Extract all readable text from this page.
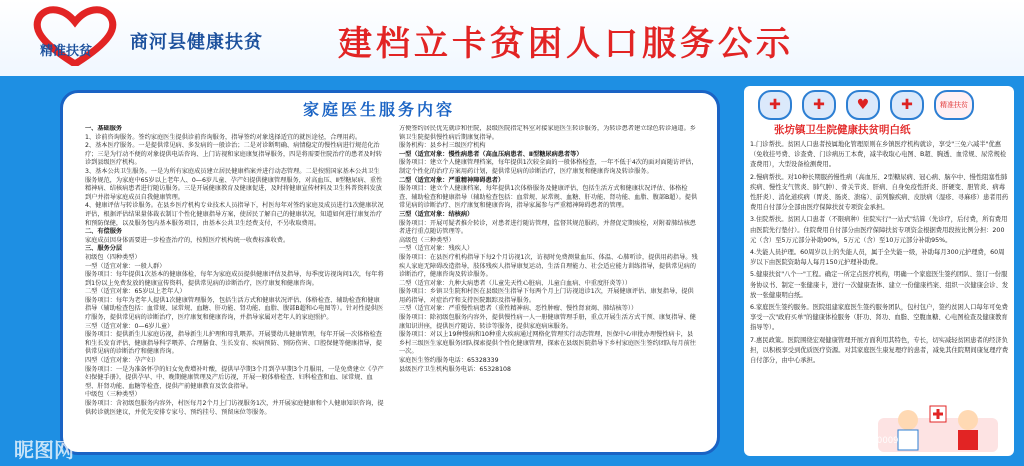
精准扶贫 商河县健康扶贫 建档立卡贫困人口服务公示
家庭医生服务内容

一、基础服务

1、诊前咨询服务。签约家庭医生提供诊前咨询服务，指导签约对象选择适宜的就医途径，合理用药。

2、基本医疗服务。一是提供常见病、多发病的一般诊治；二是对诊断明确、病情稳定的慢性病进行规范化治疗；三是为行动不便的对象提供电话咨询、上门访视和家庭康复指导服务，四是将需要住院治疗的患者及时转诊到县级医疗机构。

3、基本公共卫生服务。一是为所有家庭成员建立居民健康档案并进行动态管理。二是按照国家基本公共卫生服务规范，为家庭中65岁以上老年人、0—6岁儿童、孕产妇提供健康管理服务，对高血压、Ⅱ型糖尿病、重性精神病、结核病患者进行随访服务。三是开展健康教育及健康促进，及时将健康宣传材料及卫生科普资料发放到户并指导家庭成员自我健康管理。

4、健康评估与转诊服务。在县乡医疗机构专业技术人员指导下，村医每年对签约家庭及成员进行1次健康状况评估，根据评估结果量体裁衣制订个性化健康指导方案，使居民了解自己的健康状况，知道如何进行康复治疗和预防保健，以及服务包内基本服务项目，由基本公共卫生经费支付，不另收取费用。

二、有偿服务

家庭成员因身体需要进一步检查治疗的，按照医疗机构统一收费标准收费。

三、服务分层

初级包（四种类型）

一型（适宜对象：一般人群）

服务项目：每年提供1次基本的健康体检，每年为家庭成员提供健康评估及指导，每季度访视询问1次，每年将到1份以上免费发放的健康宣传资料，提供常见病的诊断治疗，医疗康复和健康咨询。

二型（适宜对象：65岁以上老年人）

服务项目：每年为老年人提供1次健康管理服务，包括生活方式和健康状况评估、体格检查、辅助检查和健康指导（辅助检查包括：血常规、尿常规、血糖、肝功能、肾功能、血脂、腹部B超和心电图等）。针对性提供医疗服务，提供常见病的诊断治疗，医疗康复和健康咨询，并指导家属对老年人的家庭照护。

三型（适宜对象：0—6岁儿童）

服务项目：提供新生儿家庭访视，指导新生儿护理和母乳喂养。开展婴幼儿健康管理，每年开展一次体格检查和生长发育评估，健康指导科学喂养、合理膳食、生长发育、疾病预防、预防伤害、口腔保健等健康指导，提供常见病的诊断治疗和健康咨询。

四型（适宜对象：孕产妇）

服务项目：一是为准备怀孕的妇女免费增补叶酸，提供早孕期3个月到孕早期3个月服用，一是免费建立《孕产妇保健手册》，提供孕早、中、晚期健康管理及产后访视，开展一般体格检查、妇科检查和血、尿常规、血型、肝肾功能、血糖等检查，提供产前健康教育及饮食指导。

中级包（三种类型）

服务项目：含初级包服务内容外，村医每月2个月上门访视服务1次，并开展家庭健康和个人健康知识咨询，提供转诊就医建议，并优先安排专家号、预约挂号、预留床位等服务。

方便签约居民优先就诊和住院，县级医院指定科室对接家庭医生转诊服务，为转诊患者建立绿色转诊通道。乡镇卫生院提供慢性病后期康复指导。

服务机构：县乡村三级医疗机构

一型（适宜对象：慢性病患者（高血压病患者、Ⅱ型糖尿病患者等）

服务项目：建立个人健康管理档案，每年提供1次较全面的一般体格检查，一年不低于4次的面对面随访评估，制定个性化的治疗方案用药计划，提供常见病的诊断治疗，医疗康复和健康咨询及转诊服务。

二型（适宜对象：严重精神障碍患者）

服务项目：建立个人健康档案，每年提供1次体格服务及健康评估，包括生活方式和健康状况评估、体格检查、辅助检查和健康指导（辅助检查包括：血常规、尿常规、血糖、肝功能、肾功能、血脂、腹部B超）。提供常见病的诊断治疗、医疗康复和健康咨询，指导家属参与严重精神障碍患者的管理。

三型（适宜对象：结核病）

服务项目：开展可疑者推介转诊，对患者进行随访管理，监督其规范服药，并督促定期痰检，对附着肺结核患者进行重点随访管理等。

高级包（三种类型）

一型（适宜对象：残疾人）

服务项目：在县医疗机构指导下每2个月访视1次，访视时免费测量血压、体温、心肺听诊，提供用药指导。残疾人家庭无障碍改造指导，肢体残疾人指导康复运动，生活自理能力、社会适应能力训练指导，提供常见病的诊断治疗，健康咨询及转诊服务。

二型（适宜对象：九种大病患者（儿童先天性心脏病、儿童白血病、中重度肝炎等））

服务项目：乡镇卫生院和村医在县级医生指导下每两个月上门访视追诊1次，开展健康评估、康复指导，提供用药指导，对症治疗和支持医院跟踪及指导服务。

三型（适宜对象：严重慢性病患者（重性精神病、恶性肿瘤、慢性肾衰竭、肺结核等））

服务项目：除初级包服务内容外，提供慢性病一人一册健康管理手册，重点开展生活方式干预、康复指导、健康知识讲座，提供医疗随访、转诊等服务，提供家庭病床服务。

服务项目：对以上19种慢病和10种重大疾病通过网格化管理实行动态管理，医保中心审批办理慢性病卡，县乡村三级医生家庭服务团队探索提供个性化健康管理，探索在县级医院指导下乡村家庭医生签约团队每月前往一次。

家庭医生签约服务电话：65328339

县级医疗卫生机构服务电话：65328108

✚	✚	♥	✚	精准扶贫
张坊镇卫生院健康扶贫明白纸

1.门诊帮扶。贫困人口患者按属地化管理原则在乡镇医疗机构就诊，享受"三免六减半"优惠（免收挂号费、诊查费、门诊病历工本费，减半收取心电图、B超、胸透、血常规、尿常规检查费用），大型设备检测费用。

2.慢病帮扶。对10种长期服药慢性病（高血压、2型糖尿病、冠心病、脑卒中、慢性阻塞性肺疾病、慢性支气管炎、肺气肿）、骨关节炎、肝病、自身免疫性肝炎、肝硬变、胆管炎、病毒性肝炎）、消化道疾病（胃炎、肠炎、溃疡）、前列腺疾病、皮肤病（湿疹、寻麻疹）患者用药费用自付部分全部由医疗保障扶贫专项资金承担。

3.住院帮扶。贫困人口患者（不限病种）住院实行"一站式"结算（先诊疗，后付费，所有费用由医院先行垫付）。住院费用自付部分由医疗保障扶贫专项资金根据费用段按比例分担：200元（含）至5万元部分补助90%，5万元（含）至10万元部分补助95%。

4.失能人员护理。60周岁以上的失能人员，属于全失能一级，补助每月300元护理费，60周岁以下由医院资助每人每月150元护理补助费。

5.健康扶贫"八个一"工程。确定一所定点医疗机构，明确一个家庭医生签约团队、签订一份服务协议书、制定一张健康卡，进行一次健康查体、建立一份健康档案、组织一次健康会诊、发放一张健康明白纸。

6.家庭医生签约服务。医院组建家庭医生签约服务团队，包村包户，签约贫困人口每年可免费享受一次"政府买单"的健康体检服务（肝功、肾功、血脂、空腹血糖、心电图检查及健康教育指导等）。

7.惠民政策。医院围绕宏观健康管理开展方面利用其特色，专长，切实减轻贫困患者的经济负担，以积极享受到优质医疗资源。对其家庭医生康复理疗的患者，减免其住院期间康复理疗费自付部分，由中心承担。

昵图网	ID:22635685 NO:20201125000980...
